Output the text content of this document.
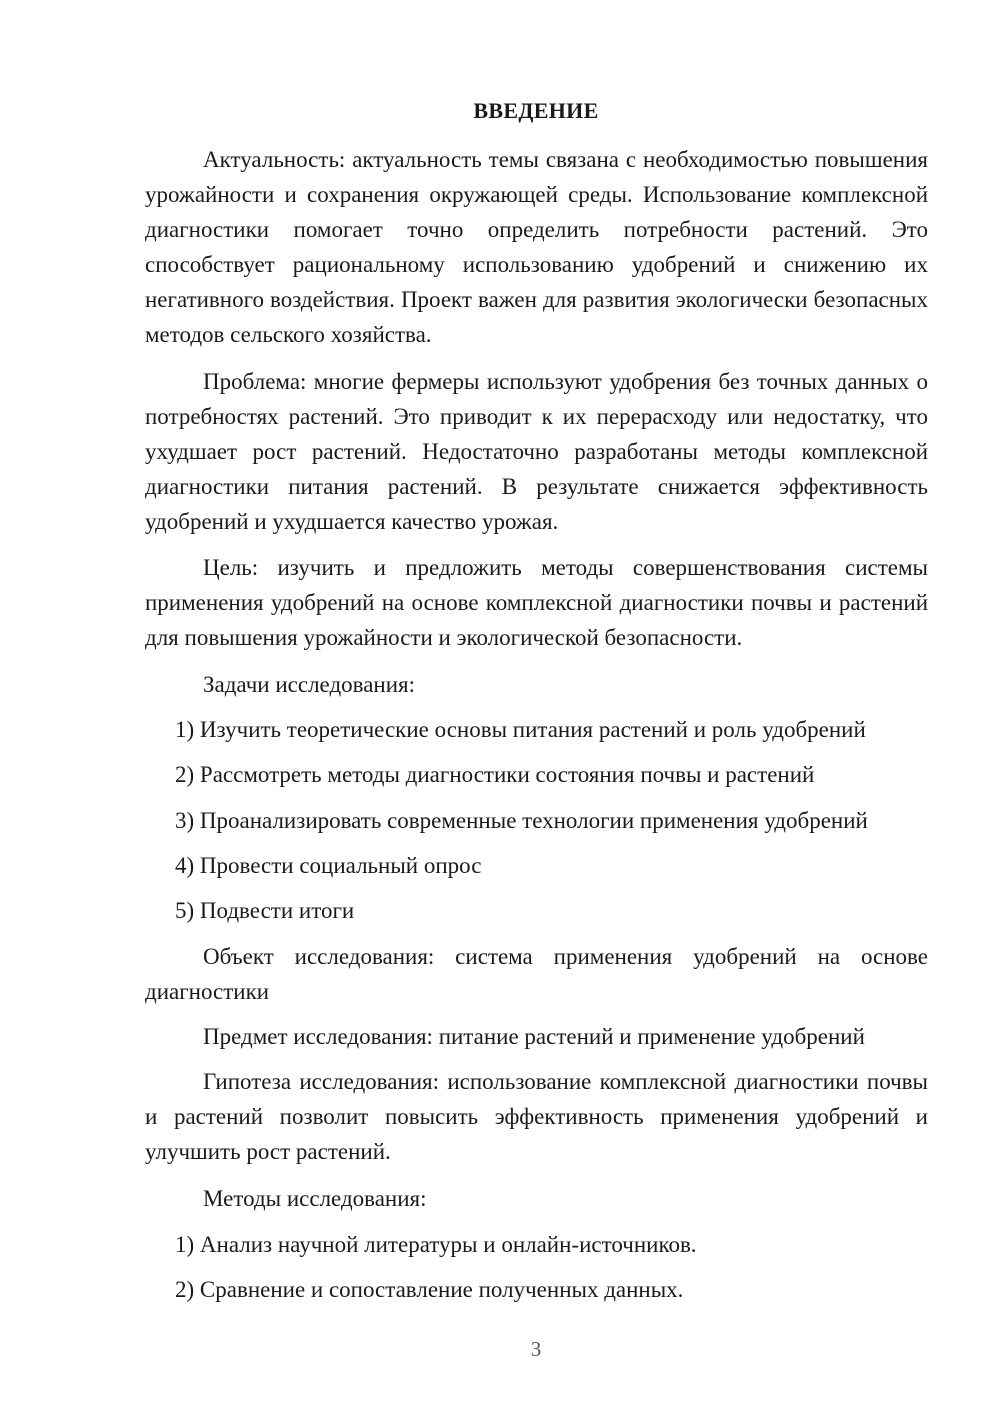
ВВЕДЕНИЕ

Актуальность: актуальность темы связана с необходимостью повышения урожайности и сохранения окружающей среды. Использование комплексной диагностики помогает точно определить потребности растений. Это способствует рациональному использованию удобрений и снижению их негативного воздействия. Проект важен для развития экологически безопасных методов сельского хозяйства.

Проблема: многие фермеры используют удобрения без точных данных о потребностях растений. Это приводит к их перерасходу или недостатку, что ухудшает рост растений. Недостаточно разработаны методы комплексной диагностики питания растений. В результате снижается эффективность удобрений и ухудшается качество урожая.

Цель: изучить и предложить методы совершенствования системы применения удобрений на основе комплексной диагностики почвы и растений для повышения урожайности и экологической безопасности.

Задачи исследования:

1) Изучить теоретические основы питания растений и роль удобрений

2) Рассмотреть методы диагностики состояния почвы и растений

3) Проанализировать современные технологии применения удобрений

4) Провести социальный опрос

5) Подвести итоги

Объект исследования: система применения удобрений на основе диагностики

Предмет исследования: питание растений и применение удобрений

Гипотеза исследования: использование комплексной диагностики почвы и растений позволит повысить эффективность применения удобрений и улучшить рост растений.

Методы исследования:

1) Анализ научной литературы и онлайн-источников.

2) Сравнение и сопоставление полученных данных.

3
